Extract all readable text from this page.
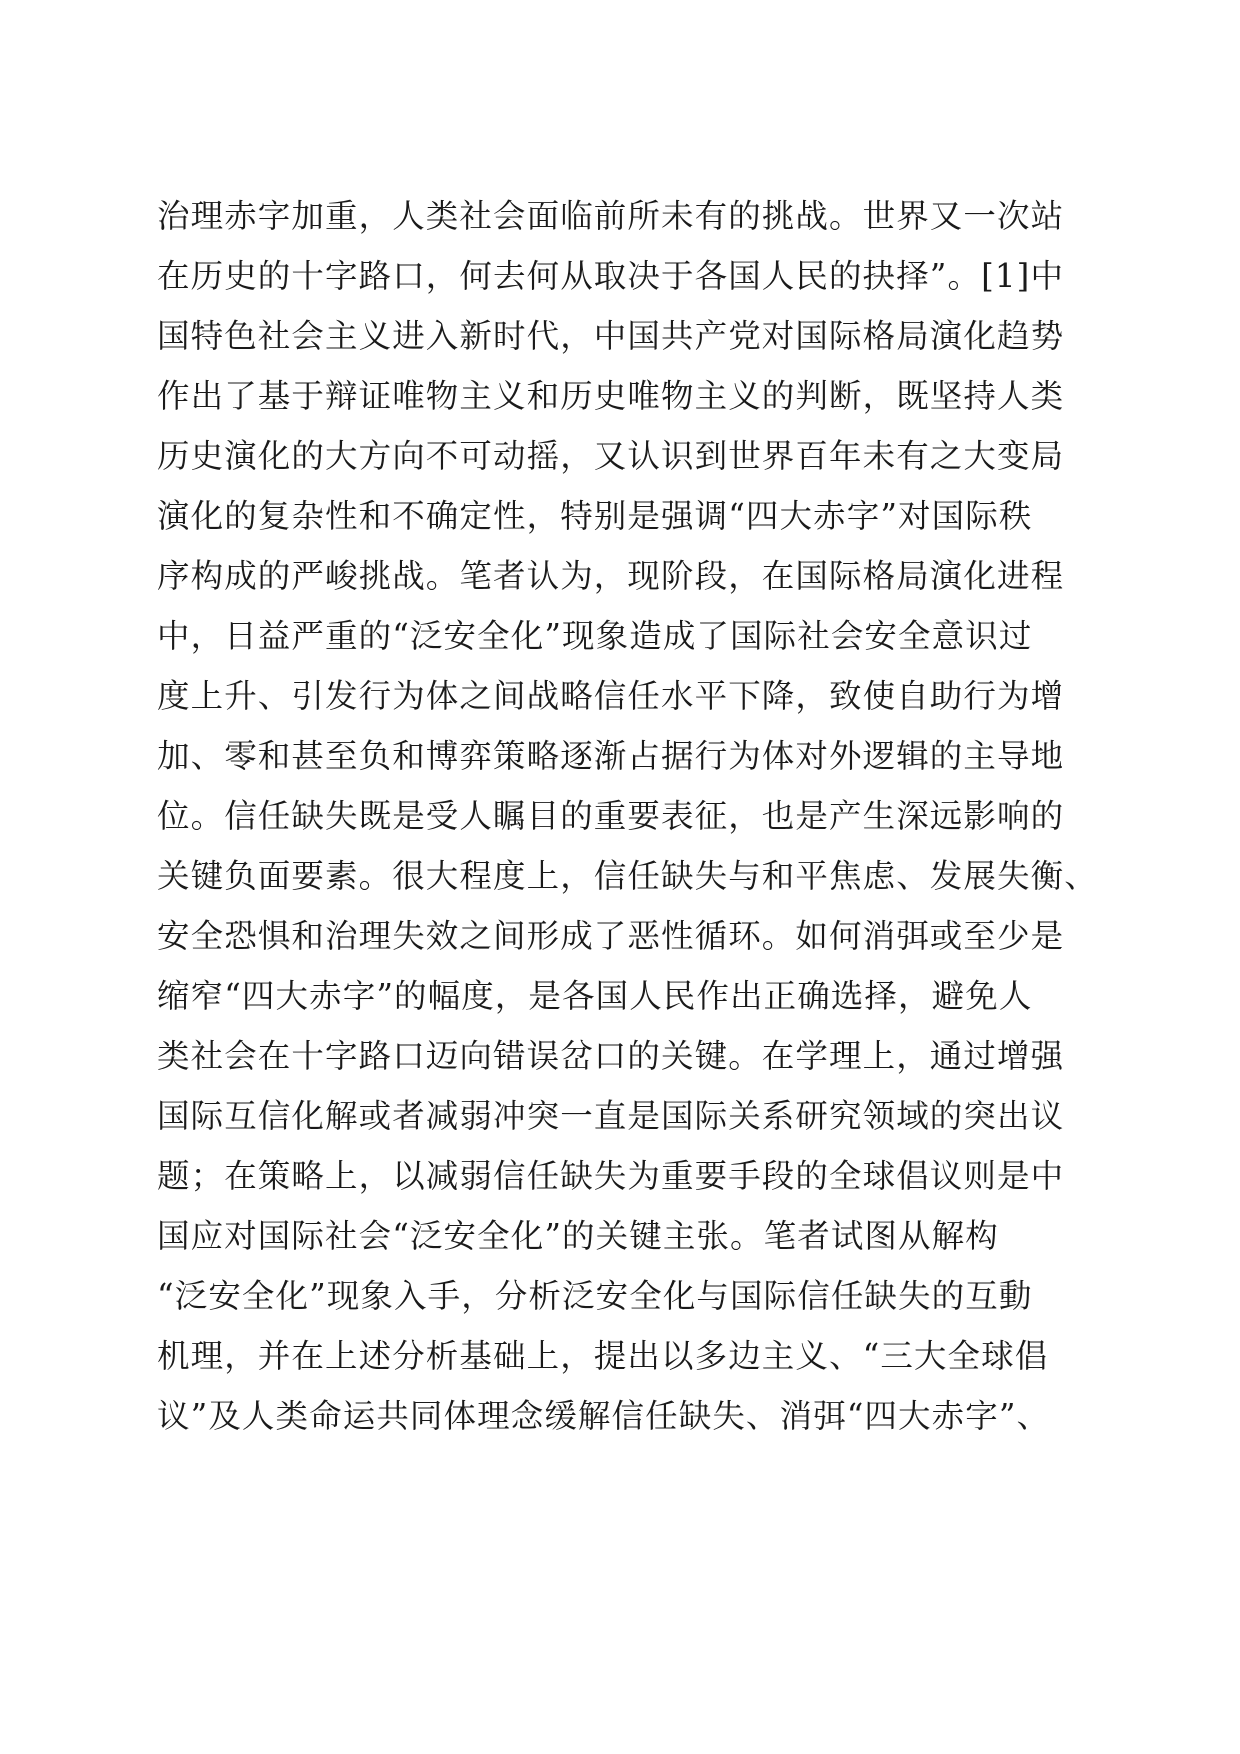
治理赤字加重，人类社会面临前所未有的挑战。世界又一次站
在历史的十字路口，何去何从取决于各国人民的抉择”。[1]中
国特色社会主义进入新时代，中国共产党对国际格局演化趋势
作出了基于辩证唯物主义和历史唯物主义的判断，既坚持人类
历史演化的大方向不可动摇，又认识到世界百年未有之大变局
演化的复杂性和不确定性，特别是强调“四大赤字”对国际秩
序构成的严峻挑战。笔者认为，现阶段，在国际格局演化进程
中，日益严重的“泛安全化”现象造成了国际社会安全意识过
度上升、引发行为体之间战略信任水平下降，致使自助行为增
加、零和甚至负和博弈策略逐渐占据行为体对外逻辑的主导地
位。信任缺失既是受人瞩目的重要表征，也是产生深远影响的
关键负面要素。很大程度上，信任缺失与和平焦虑、发展失衡、
安全恐惧和治理失效之间形成了恶性循环。如何消弭或至少是
缩窄“四大赤字”的幅度，是各国人民作出正确选择，避免人
类社会在十字路口迈向错误岔口的关键。在学理上，通过增强
国际互信化解或者减弱冲突一直是国际关系研究领域的突出议
题；在策略上，以减弱信任缺失为重要手段的全球倡议则是中
国应对国际社会“泛安全化”的关键主张。笔者试图从解构
“泛安全化”现象入手，分析泛安全化与国际信任缺失的互動
机理，并在上述分析基础上，提出以多边主义、“三大全球倡
议”及人类命运共同体理念缓解信任缺失、消弭“四大赤字”、
